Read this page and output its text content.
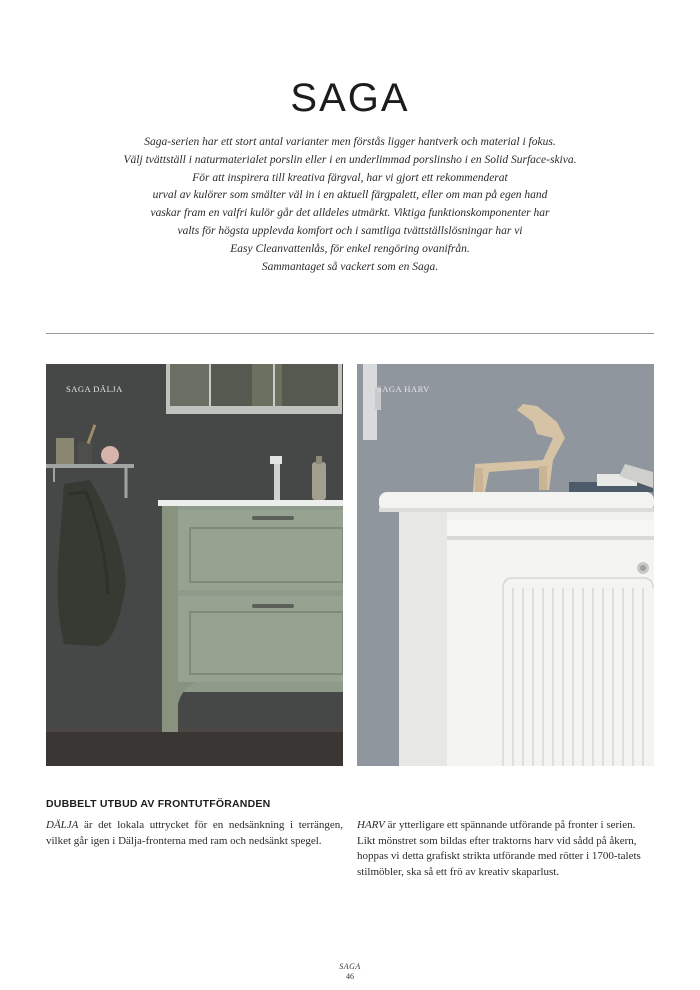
SAGA
Saga-serien har ett stort antal varianter men förstås ligger hantverk och material i fokus.
Välj tvättställ i naturmaterialet porslin eller i en underlimmad porslinsho i en Solid Surface-skiva.
För att inspirera till kreativa färgval, har vi gjort ett rekommenderat
urval av kulörer som smälter väl in i en aktuell färgpalett, eller om man på egen hand
vaskar fram en valfri kulör går det alldeles utmärkt. Viktiga funktionskomponenter har
valts för högsta upplevda komfort och i samtliga tvättställslösningar har vi
Easy Cleanvattenlås, för enkel rengöring ovanifrån.
Sammantaget så vackert som en Saga.
SAGA DÄLJA	SAGA HARV
DUBBELT UTBUD AV FRONTUTFÖRANDEN
DÄLJA är det lokala uttrycket för en nedsänkning i terrängen, vilket går igen i Dälja-fronterna med ram och nedsänkt spegel.
HARV är ytterligare ett spännande utförande på fronter i serien. Likt mönstret som bildas efter traktorns harv vid sådd på åkern, hoppas vi detta grafiskt strikta utförande med rötter i 1700-talets stilmöbler, ska så ett frö av kreativ skaparlust.
SAGA
46
